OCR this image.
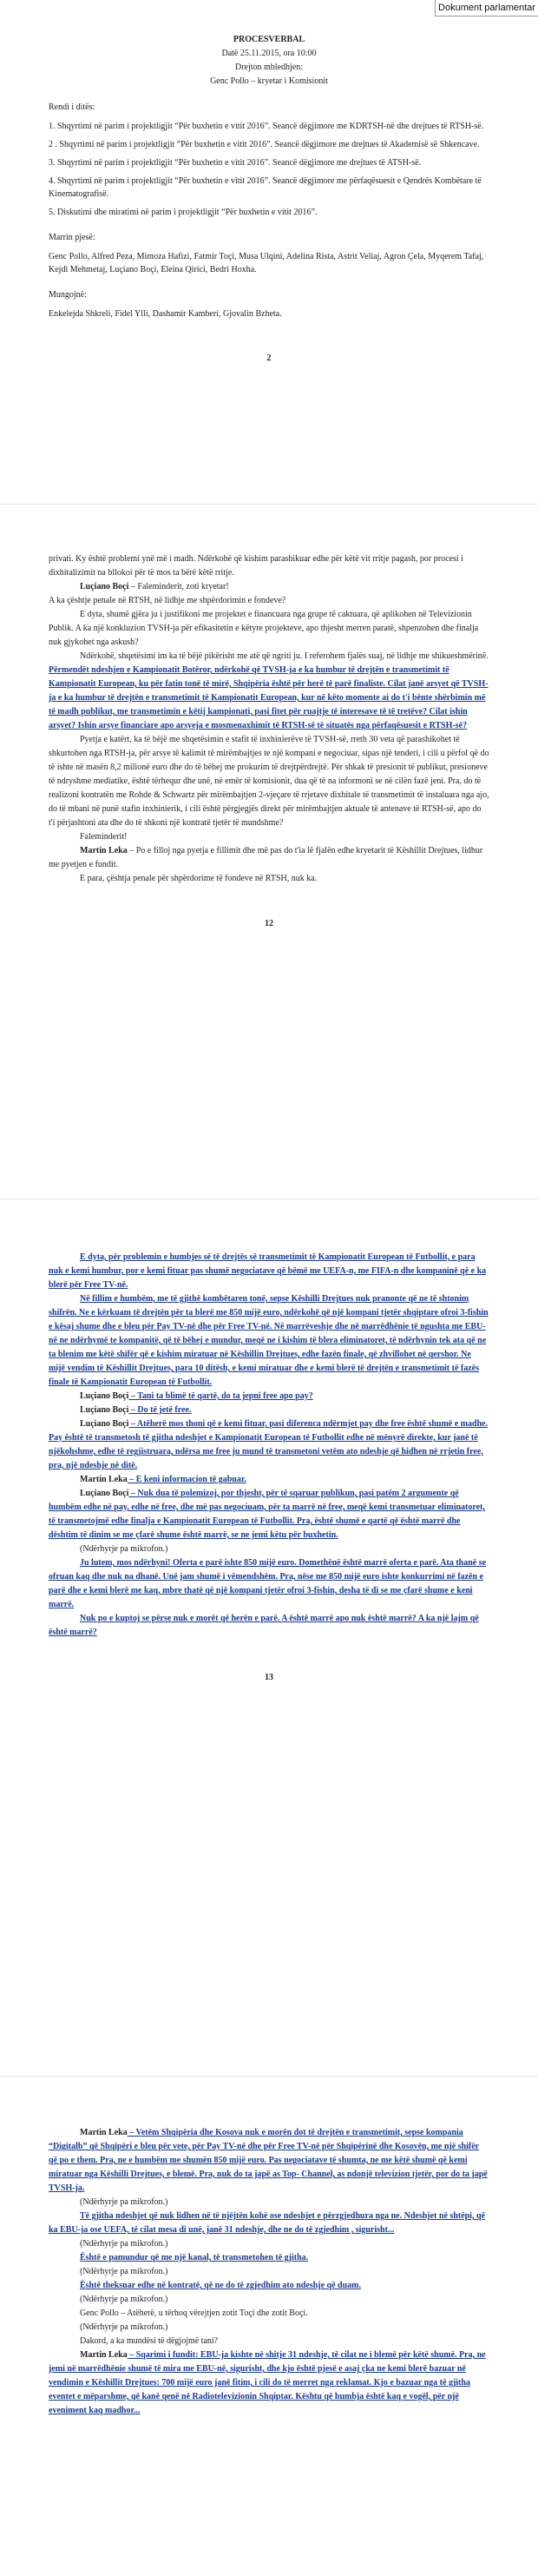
Dokument parlamentar

PROCESVERBAL

Datë 25.11.2015, ora 10:00

Drejton mbledhjen:

Genc Pollo – kryetar i Komisionit

Rendi i ditës:

1. Shqyrtimi në parim i projektligjit “Për buxhetin e vitit 2016”. Seancë dëgjimore me KDRTSH-në dhe drejtues të RTSH-së.

2 . Shqyrtimi në parim i projektligjit “Për buxhetin e vitit 2016”. Seancë dëgjimore me drejtues të Akademisë së Shkencave.

3. Shqyrtimi në parim i projektligjit “Për buxhetin e vitit 2016”. Seancë dëgjimore me drejtues të ATSH-së.

4. Shqyrtimi në parim i projektligjit “Për buxhetin e vitit 2016”. Seancë dëgjimore me përfaqësuesit e Qendrës Kombëtare të Kinematografisë.

5. Diskutimi dhe miratimi në parim i projektligjit “Për buxhetin e vitit 2016”.

Marrin pjesë:

Genc Pollo, Alfred Peza, Mimoza Hafizi, Fatmir Toçi, Musa Ulqini, Adelina Rista, Astrit Veliaj, Agron Çela, Myqerem Tafaj, Kejdi Mehmetaj, Luçiano Boçi, Eleina Qirici, Bedri Hoxha.

Mungojnë:

Enkelejda Shkreli, Fidel Ylli, Dashamir Kamberi, Gjovalin Bzheta.

2

privati. Ky është problemi ynë më i madh. Ndërkohë që kishim parashikuar edhe për këtë vit rritje pagash, por procesi i dixhitalizimit na bllokoi për të mos ta bërë këtë rritje.

Luçiano Boçi – Faleminderit, zoti kryetar!

A ka çështje penale në RTSH, në lidhje me shpërdorimin e fondeve?

E dyta, shumë gjëra ju i justifikoni me projektet e financuara nga grupe të caktuara, që aplikohen në Televizionin Publik. A ka një konkluzion TVSH-ja për efikasitetin e këtyre projekteve, apo thjesht merren paratë, shpenzohen dhe finalja nuk gjykohet nga askush?

Ndërkohë, shqetësimi im ka të bëjë pikërisht me atë që ngriti ju. I referohem fjalës suaj, në lidhje me shikueshmërinë. Përmendët ndeshjen e Kampionatit Botëror, ndërkohë që TVSH-ja e ka humbur të drejtën e transmetimit të Kampionatit European, ku për fatin tonë të mirë, Shqipëria është për herë të parë finaliste. Cilat janë arsyet që TVSH-ja e ka humbur të drejtën e transmetimit të Kampionatit European, kur në këto momente ai do t'i bënte shërbimin më të madh publikut, me transmetimin e këtij kampionati, pasi fitet për ruajtje të interesave të të tretëve? Cilat ishin arsyet? Ishin arsye financiare apo arsyeja e mosmenaxhimit të RTSH-së të situatës nga përfaqësuesit e RTSH-së?

Pyetja e katërt, ka të bëjë me shqetësimin e stafit të inxhinierëve të TVSH-së, rreth 30 veta që parashikohet të shkurtohen nga RTSH-ja, për arsye të kalimit të mirëmbajtjes te një kompani e negociuar, sipas një tenderi, i cili u përfol që do të ishte në masën 8,2 milionë euro dhe do të bëhej me prokurim të drejtpërdrejtë. Për shkak të presionit të publikut, presioneve të ndryshme mediatike, është tërhequr dhe unë, në emër të komisionit, dua që të na informoni se në cilën fazë jeni. Pra, do të realizoni kontratën me Rohde & Schwartz për mirëmbajtjen 2-vjeçare të rrjetave dixhitale të transmetimit të instaluara nga ajo, do të mbani në punë stafin inxhinierik, i cili është përgjegjës direkt për mirëmbajtjen aktuale të antenave të RTSH-së, apo do t'i përjashtoni ata dhe do të shkoni një kontratë tjetër të mundshme?

Faleminderit!

Martin Leka – Po e filloj nga pyetja e fillimit dhe më pas do t'ia lë fjalën edhe kryetarit të Këshillit Drejtues, lidhur me pyetjen e fundit.

E para, çështja penale për shpërdorime të fondeve në RTSH, nuk ka.

12

E dyta, për problemin e humbjes së të drejtës së transmetimit të Kampionatit European të Futbollit, e para nuk e kemi humbur, por e kemi fituar pas shumë negociatave që bëmë me UEFA-n, me FIFA-n dhe kompaninë që e ka blerë për Free TV-në.

Në fillim e humbëm, me të gjithë kombëtaren tonë, sepse Këshilli Drejtues nuk pranonte që ne të shtonim shifrën. Ne e kërkuam të drejtën për ta blerë me 850 mijë euro, ndërkohë që një kompani tjetër shqiptare ofroi 3-fishin e kësaj shume dhe e bleu për Pay TV-në dhe për Free TV-në. Në marrëveshje dhe në marrëdhënie të ngushta me EBU-në ne ndërhymë te kompanitë, që të bëhej e mundur, meqë ne i kishim të blera eliminatoret, të ndërhynin tek ata që ne ta blenim me këtë shifër që e kishim miratuar në Këshillin Drejtues, edhe fazën finale, që zhvillohet në qershor. Ne mijë vendim të Këshillit Drejtues, para 10 ditësh, e kemi miratuar dhe e kemi blerë të drejtën e transmetimit të fazës finale të Kampionatit European të Futbollit.

Luçiano Boçi – Tani ta blimë të qartë, do ta jepni free apo pay?

Luçiano Boçi – Do të jetë free.

Luçiano Boçi – Atëherë mos thoni që e kemi fituar, pasi diferenca ndërmjet pay dhe free është shumë e madhe. Pay është të transmetosh të gjitha ndeshjet e Kampionatit European të Futbollit edhe në mënyrë direkte, kur janë të njëkohshme, edhe të regjistruara, ndërsa me free ju mund të transmetoni vetëm ato ndeshje që hidhen në rrjetin free, pra, një ndeshje në ditë.

Martin Leka – E keni informacion të gabuar.

Luçiano Boçi – Nuk dua të polemizoj, por thjesht, për të sqaruar publikun, pasi patëm 2 argumente që humbëm edhe në pay, edhe në free, dhe më pas negociuam, për ta marrë në free, meqë kemi transmetuar eliminatoret, të transmetojmë edhe finalja e Kampionatit European të Futbollit. Pra, është shumë e qartë që është marrë dhe dështim të dinim se me çfarë shume është marrë, se ne jemi këtu për buxhetin.

(Ndërhyrje pa mikrofon.)

Ju lutem, mos ndërhyni! Oferta e parë ishte 850 mijë euro. Domethënë është marrë oferta e parë. Ata thanë se ofruan kaq dhe nuk na dhanë. Unë jam shumë i vëmendshëm. Pra, nëse me 850 mijë euro ishte konkurrimi në fazën e parë dhe e kemi blerë me kaq, mbre thatë që një kompani tjetër ofroi 3-fishin, desha të di se me çfarë shume e keni marrë.

Nuk po e kuptoj se përse nuk e morët që herën e parë. A është marrë apo nuk është marrë? A ka një lajm që është marrë?

13

Martin Leka – Vetëm Shqipëria dhe Kosova nuk e morën dot të drejtën e transmetimit, sepse kompania “Digitalb” që Shqipëri e bleu për vete, për Pay TV-në dhe për Free TV-në për Shqipërinë dhe Kosovën, me një shifër që po e them. Pra, ne e humbëm me shumën 850 mijë euro. Pas negociatave të shumta, ne me këtë shumë që kemi miratuar nga Këshilli Drejtues, e blemë. Pra, nuk do ta japë as Top- Channel, as ndonjë televizion tjetër, por do ta japë TVSH-ja.

(Ndërhyrje pa mikrofon.)

Të gjitha ndeshjet që nuk lidhen në të njëjtën kohë ose ndeshjet e përzgjedhura nga ne. Ndeshjet në shtëpi, që ka EBU-ja ose UEFA, të cilat mesa di unë, janë 31 ndeshje, dhe ne do të zgjedhim , sigurisht...

(Ndërhyrje pa mikrofon.)

Është e pamundur që me një kanal, të transmetohen të gjitha.

(Ndërhyrje pa mikrofon.)

Është theksuar edhe në kontratë, që ne do të zgjedhim ato ndeshje që duam.

(Ndërhyrje pa mikrofon.)

Genc Pollo – Atëherë, u tërhoq vërejtjen zotit Toçi dhe zotit Boçi.

(Ndërhyrje pa mikrofon.)

Dakord, a ka mundësi të dëgjojmë tani?

Martin Leka – Sqarimi i fundit: EBU-ja kishte në shitje 31 ndeshje, të cilat ne i blemë për këtë shumë. Pra, ne jemi në marrëdhënie shumë të mira me EBU-në, sigurisht, dhe kjo është pjesë e asaj çka ne kemi blerë bazuar në vendimin e Këshillit Drejtues: 700 mijë euro janë fitim, i cili do të merret nga reklamat. Kjo e bazuar nga të gjitha eventet e mëparshme, që kanë qenë në Radiotelevizionin Shqiptar. Kështu që humbja është kaq e vogël, për një eveniment kaq madhor...
